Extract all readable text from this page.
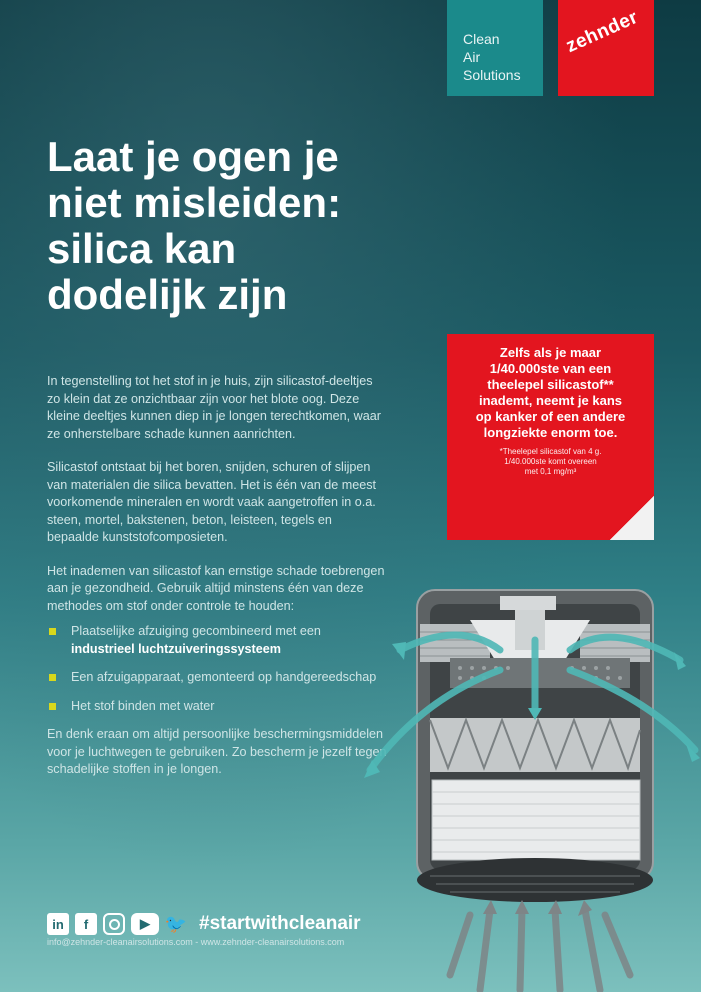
Clean
Air
Solutions
zehnder
Laat je ogen je
niet misleiden:
silica kan
dodelijk zijn

In tegenstelling tot het stof in je huis, zijn silicastof-deeltjes zo klein dat ze onzichtbaar zijn voor het blote oog. Deze kleine deeltjes kunnen diep in je longen terechtkomen, waar ze onherstelbare schade kunnen aanrichten.

Silicastof ontstaat bij het boren, snijden, schuren of slijpen van materialen die silica bevatten. Het is één van de meest voorkomende mineralen en wordt vaak aangetroffen in o.a. steen, mortel, bakstenen, beton, leisteen, tegels en bepaalde kunststofcomposieten.

Het inademen van silicastof kan ernstige schade toebrengen aan je gezondheid. Gebruik altijd minstens één van deze methodes om stof onder controle te houden:

Plaatselijke afzuiging gecombineerd met een industrieel luchtzuiveringssysteem
Een afzuigapparaat, gemonteerd op handgereedschap
Het stof binden met water

En denk eraan om altijd persoonlijke beschermingsmiddelen voor je luchtwegen te gebruiken. Zo bescherm je jezelf tegen schadelijke stoffen in je longen.

Zelfs als je maar
1/40.000ste van een
theelepel silicastof**
inademt, neemt je kans
op kanker of een andere
longziekte enorm toe.
*Theelepel silicastof van 4 g.
1/40.000ste komt overeen
met 0,1 mg/m³
in	f	▶ 🐦 #startwithcleanair
info@zehnder-cleanairsolutions.com - www.zehnder-cleanairsolutions.com
